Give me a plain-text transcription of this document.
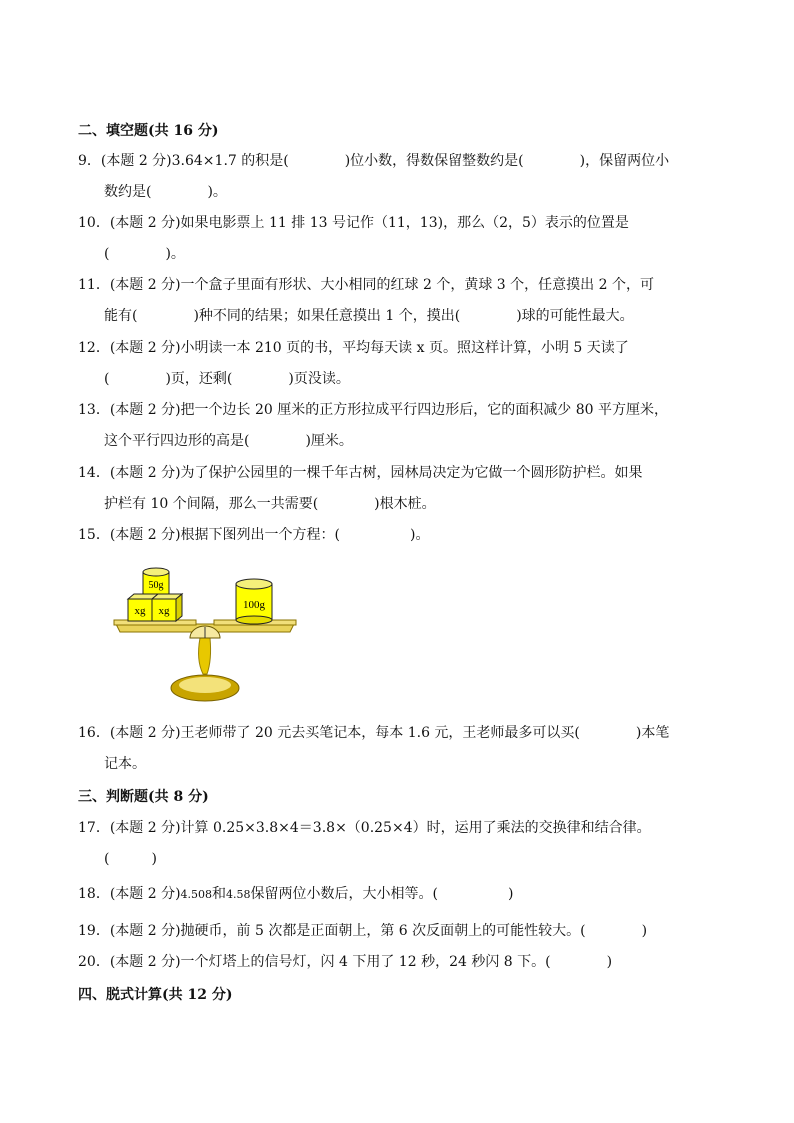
二、填空题(共 16 分)
9．(本题 2 分)3.64×1.7 的积是(　　　　)位小数，得数保留整数约是(　　　　)，保留两位小
数约是(　　　　)。
10．(本题 2 分)如果电影票上 11 排 13 号记作（11，13)，那么（2，5）表示的位置是
(　　　　)。
11．(本题 2 分)一个盒子里面有形状、大小相同的红球 2 个，黄球 3 个，任意摸出 2 个，可
能有(　　　　)种不同的结果；如果任意摸出 1 个，摸出(　　　　)球的可能性最大。
12．(本题 2 分)小明读一本 210 页的书，平均每天读 x 页。照这样计算，小明 5 天读了
(　　　　)页，还剩(　　　　)页没读。
13．(本题 2 分)把一个边长 20 厘米的正方形拉成平行四边形后，它的面积减少 80 平方厘米，
这个平行四边形的高是(　　　　)厘米。
14．(本题 2 分)为了保护公园里的一棵千年古树，园林局决定为它做一个圆形防护栏。如果
护栏有 10 个间隔，那么一共需要(　　　　)根木桩。
15．(本题 2 分)根据下图列出一个方程：(　　　　　)。
xg xg
50g
100g
16．(本题 2 分)王老师带了 20 元去买笔记本，每本 1.6 元，王老师最多可以买(　　　　)本笔
记本。
三、判断题(共 8 分)
17．(本题 2 分)计算 0.25×3.8×4＝3.8×（0.25×4）时，运用了乘法的交换律和结合律。
(　　　)
18．(本题 2 分)4.508和4.58保留两位小数后，大小相等。(　　　　　)
19．(本题 2 分)抛硬币，前 5 次都是正面朝上，第 6 次反面朝上的可能性较大。(　　　　)
20．(本题 2 分)一个灯塔上的信号灯，闪 4 下用了 12 秒，24 秒闪 8 下。(　　　　)
四、脱式计算(共 12 分)
